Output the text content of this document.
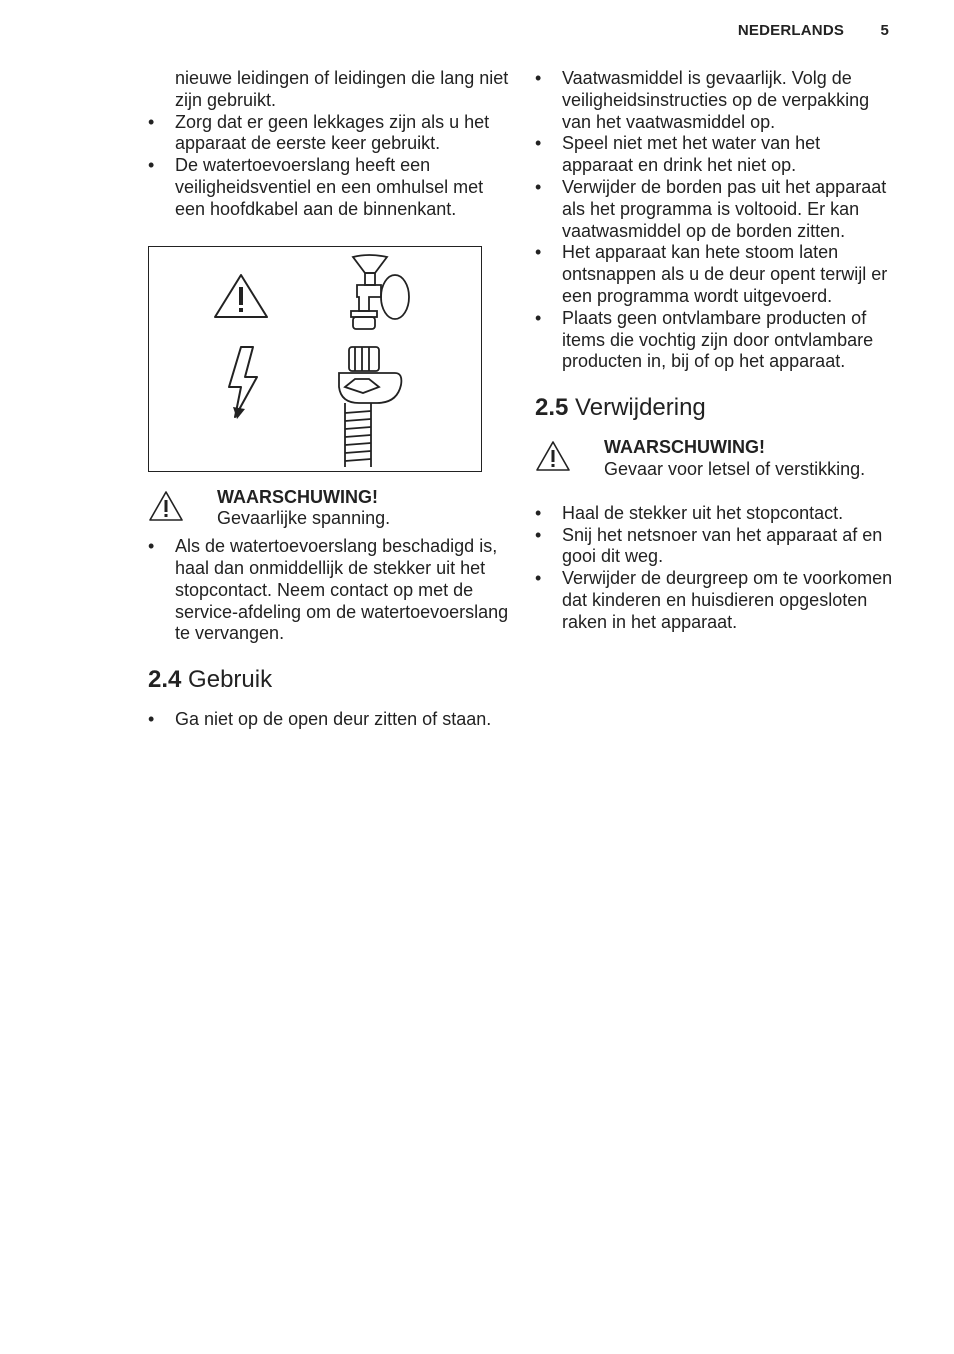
NEDERLANDS 5

nieuwe leidingen of leidingen die lang niet zijn gebruikt.

• Zorg dat er geen lekkages zijn als u het apparaat de eerste keer gebruikt.
• De watertoevoerslang heeft een veiligheidsventiel en een omhulsel met een hoofdkabel aan de binnenkant.

WAARSCHUWING!

Gevaarlijke spanning.

• Als de watertoevoerslang beschadigd is, haal dan onmiddellijk de stekker uit het stopcontact. Neem contact op met de service-afdeling om de watertoevoerslang te vervangen.
2.4 Gebruik
• Ga niet op de open deur zitten of staan.
• Vaatwasmiddel is gevaarlijk. Volg de veiligheidsinstructies op de verpakking van het vaatwasmiddel op.
• Speel niet met het water van het apparaat en drink het niet op.
• Verwijder de borden pas uit het apparaat als het programma is voltooid. Er kan vaatwasmiddel op de borden zitten.
• Het apparaat kan hete stoom laten ontsnappen als u de deur opent terwijl er een programma wordt uitgevoerd.
• Plaats geen ontvlambare producten of items die vochtig zijn door ontvlambare producten in, bij of op het apparaat.
2.5 Verwijdering

WAARSCHUWING!

Gevaar voor letsel of verstikking.

• Haal de stekker uit het stopcontact.
• Snij het netsnoer van het apparaat af en gooi dit weg.
• Verwijder de deurgreep om te voorkomen dat kinderen en huisdieren opgesloten raken in het apparaat.
